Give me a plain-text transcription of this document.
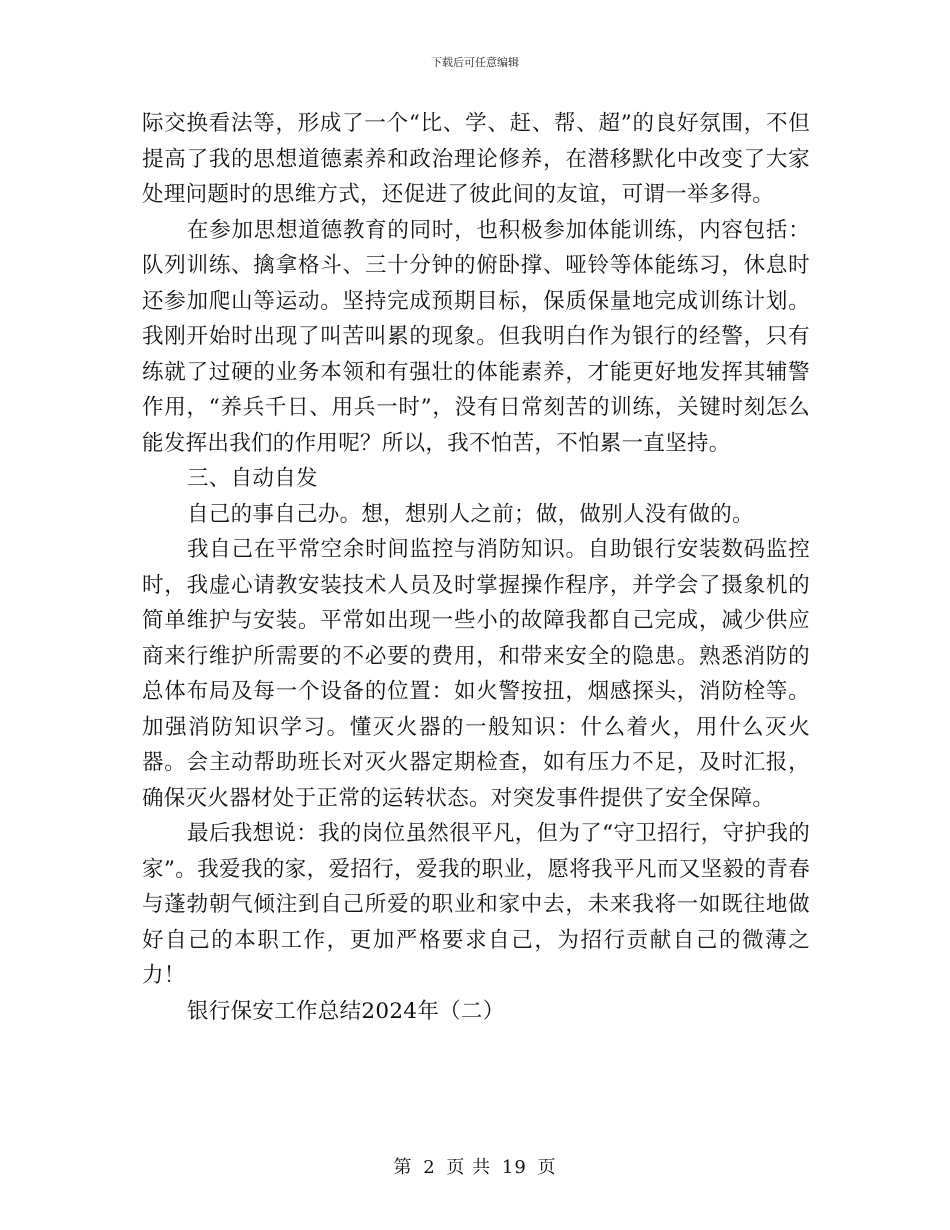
下载后可任意编辑

际交换看法等，形成了一个“比、学、赶、帮、超”的良好氛围，不但提高了我的思想道德素养和政治理论修养，在潜移默化中改变了大家处理问题时的思维方式，还促进了彼此间的友谊，可谓一举多得。

在参加思想道德教育的同时，也积极参加体能训练，内容包括：队列训练、擒拿格斗、三十分钟的俯卧撑、哑铃等体能练习，休息时还参加爬山等运动。坚持完成预期目标，保质保量地完成训练计划。我刚开始时出现了叫苦叫累的现象。但我明白作为银行的经警，只有练就了过硬的业务本领和有强壮的体能素养，才能更好地发挥其辅警作用，“养兵千日、用兵一时”，没有日常刻苦的训练，关键时刻怎么能发挥出我们的作用呢？所以，我不怕苦，不怕累一直坚持。

三、自动自发

自己的事自己办。想，想别人之前；做，做别人没有做的。

我自己在平常空余时间监控与消防知识。自助银行安装数码监控时，我虚心请教安装技术人员及时掌握操作程序，并学会了摄象机的简单维护与安装。平常如出现一些小的故障我都自己完成，减少供应商来行维护所需要的不必要的费用，和带来安全的隐患。熟悉消防的总体布局及每一个设备的位置：如火警按扭，烟感探头，消防栓等。加强消防知识学习。懂灭火器的一般知识：什么着火，用什么灭火器。会主动帮助班长对灭火器定期检查，如有压力不足，及时汇报，确保灭火器材处于正常的运转状态。对突发事件提供了安全保障。

最后我想说：我的岗位虽然很平凡，但为了“守卫招行，守护我的家”。我爱我的家，爱招行，爱我的职业，愿将我平凡而又坚毅的青春与蓬勃朝气倾注到自己所爱的职业和家中去，未来我将一如既往地做好自己的本职工作，更加严格要求自己，为招行贡献自己的微薄之力！

银行保安工作总结2024年（二）

第 2 页 共 19 页
